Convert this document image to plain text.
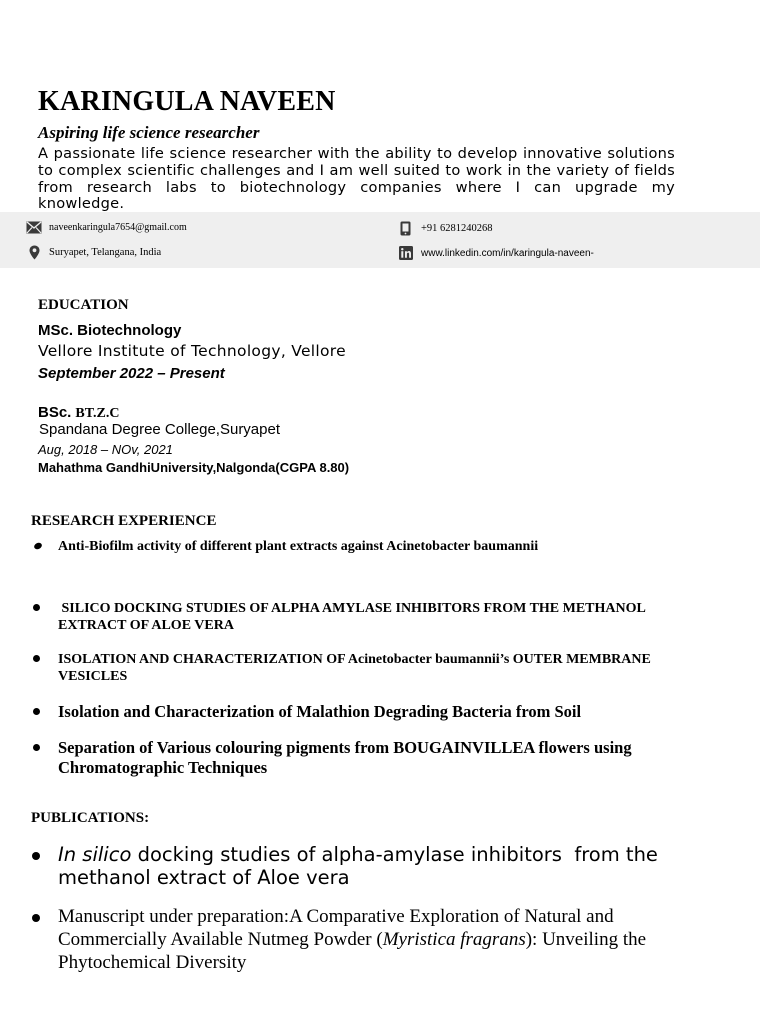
KARINGULA NAVEEN
Aspiring life science researcher
A passionate life science researcher with the ability to develop innovative solutions to complex scientific challenges and I am well suited to work in the variety of fields from research labs to biotechnology companies where I can upgrade my knowledge.
naveenkaringula7654@gmail.com	+91 6281240268
Suryapet, Telangana, India	www.linkedin.com/in/karingula-naveen-
EDUCATION
MSc. Biotechnology
Vellore Institute of Technology, Vellore
September 2022 – Present
BSc. BT.Z.C
Spandana Degree College,Suryapet
Aug, 2018 – NOv, 2021
Mahathma GandhiUniversity,Nalgonda(CGPA 8.80)
RESEARCH EXPERIENCE
Anti-Biofilm activity of different plant extracts against Acinetobacter baumannii
SILICO DOCKING STUDIES OF ALPHA AMYLASE INHIBITORS FROM THE METHANOL EXTRACT OF ALOE VERA
ISOLATION AND CHARACTERIZATION OF Acinetobacter baumannii’s OUTER MEMBRANE VESICLES
Isolation and Characterization of Malathion Degrading Bacteria from Soil
Separation of Various colouring pigments from BOUGAINVILLEA flowers using  Chromatographic Techniques
PUBLICATIONS:
In silico docking studies of alpha-amylase inhibitors  from the methanol extract of Aloe vera
Manuscript under preparation:A Comparative Exploration of Natural and Commercially Available Nutmeg Powder (Myristica fragrans): Unveiling the Phytochemical Diversity
